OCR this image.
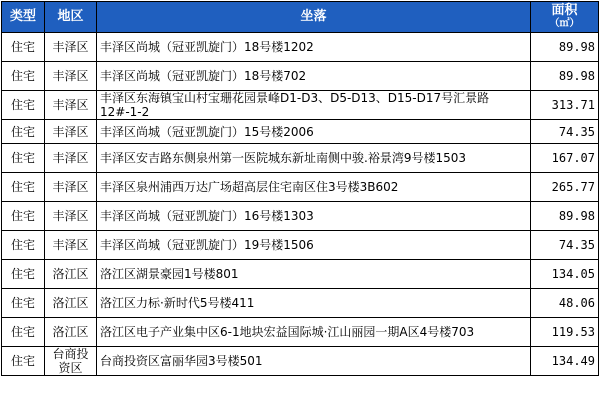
类型	地区	坐落	面积
（㎡）

住宅	丰泽区	丰泽区尚城（冠亚凯旋门）18号楼1202	89.98
住宅	丰泽区	丰泽区尚城（冠亚凯旋门）18号楼702	89.98
住宅	丰泽区	丰泽区东海镇宝山村宝珊花园景峰D1-D3、D5-D13、D15-D17号汇景路12#-1-2	313.71
住宅	丰泽区	丰泽区尚城（冠亚凯旋门）15号楼2006	74.35
住宅	丰泽区	丰泽区安吉路东侧泉州第一医院城东新址南侧中骏.裕景湾9号楼1503	167.07
住宅	丰泽区	丰泽区泉州浦西万达广场超高层住宅南区住3号楼3B602	265.77
住宅	丰泽区	丰泽区尚城（冠亚凯旋门）16号楼1303	89.98
住宅	丰泽区	丰泽区尚城（冠亚凯旋门）19号楼1506	74.35
住宅	洛江区	洛江区湖景豪园1号楼801	134.05
住宅	洛江区	洛江区力标·新时代5号楼411	48.06
住宅	洛江区	洛江区电子产业集中区6-1地块宏益国际城·江山丽园一期A区4号楼703	119.53
住宅	台商投资区	台商投资区富丽华园3号楼501	134.49
